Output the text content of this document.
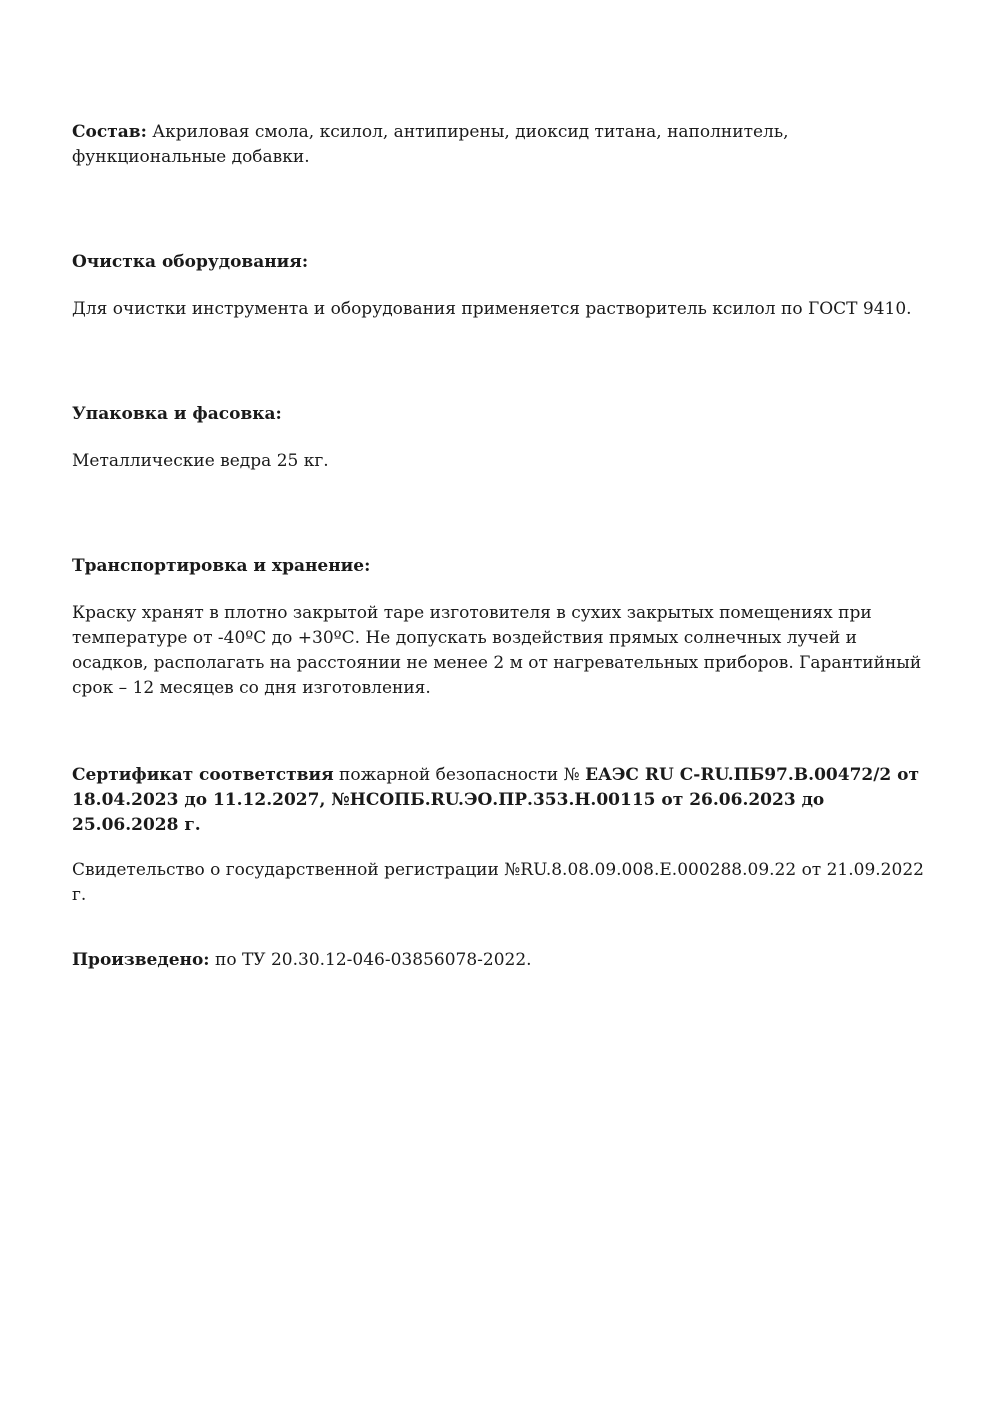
Состав: Акриловая смола, ксилол, антипирены, диоксид титана, наполнитель, функциональные добавки.

Очистка оборудования:

Для очистки инструмента и оборудования применяется растворитель ксилол по ГОСТ 9410.

Упаковка и фасовка:

Металлические ведра 25 кг.

Транспортировка и хранение:

Краску хранят в плотно закрытой таре изготовителя в сухих закрытых помещениях при температуре от -40ºС до +30ºС. Не допускать воздействия прямых солнечных лучей и осадков, располагать на расстоянии не менее 2 м от нагревательных приборов. Гарантийный срок – 12 месяцев со дня изготовления.

Сертификат соответствия пожарной безопасности № ЕАЭС RU C-RU.ПБ97.В.00472/2 от 18.04.2023 до 11.12.2027, №НСОПБ.RU.ЭО.ПР.353.Н.00115 от 26.06.2023 до 25.06.2028 г.

Свидетельство о государственной регистрации №RU.8.08.09.008.Е.000288.09.22 от 21.09.2022 г.

Произведено: по ТУ 20.30.12-046-03856078-2022.
